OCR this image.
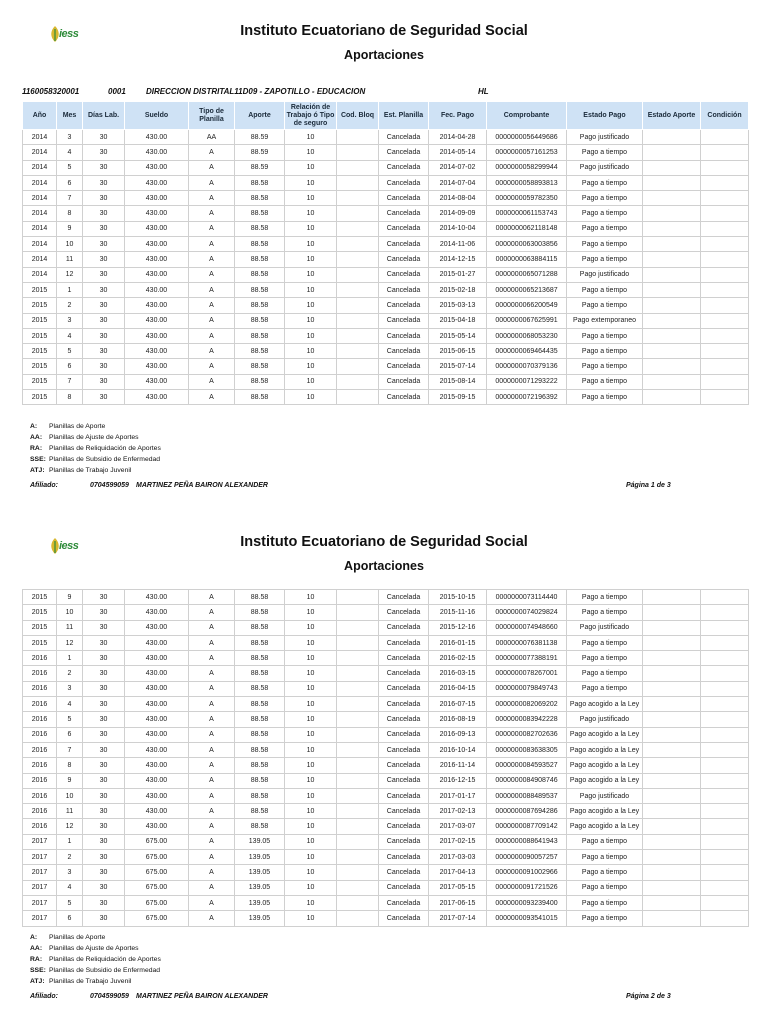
iess	Instituto Ecuatoriano de Seguridad Social
Aportaciones
1160058320001	0001	DIRECCION DISTRITAL11D09 - ZAPOTILLO - EDUCACION	HL
Año	Mes	Días Lab.	Sueldo	Tipo de Planilla	Aporte	Relación de Trabajo ó Tipo de seguro	Cod. Bloq	Est. Planilla	Fec. Pago	Comprobante	Estado Pago	Estado Aporte	Condición
2014	3	30	430.00	AA	88.59	10		Cancelada	2014-04-28	0000000056449686	Pago justificado		
2014	4	30	430.00	A	88.59	10		Cancelada	2014-05-14	0000000057161253	Pago a tiempo		
2014	5	30	430.00	A	88.59	10		Cancelada	2014-07-02	0000000058299944	Pago justificado		
2014	6	30	430.00	A	88.58	10		Cancelada	2014-07-04	0000000058893813	Pago a tiempo		
2014	7	30	430.00	A	88.58	10		Cancelada	2014-08-04	0000000059782350	Pago a tiempo		
2014	8	30	430.00	A	88.58	10		Cancelada	2014-09-09	0000000061153743	Pago a tiempo		
2014	9	30	430.00	A	88.58	10		Cancelada	2014-10-04	0000000062118148	Pago a tiempo		
2014	10	30	430.00	A	88.58	10		Cancelada	2014-11-06	0000000063003856	Pago a tiempo		
2014	11	30	430.00	A	88.58	10		Cancelada	2014-12-15	0000000063884115	Pago a tiempo		
2014	12	30	430.00	A	88.58	10		Cancelada	2015-01-27	0000000065071288	Pago justificado		
2015	1	30	430.00	A	88.58	10		Cancelada	2015-02-18	0000000065213687	Pago a tiempo		
2015	2	30	430.00	A	88.58	10		Cancelada	2015-03-13	0000000066200549	Pago a tiempo		
2015	3	30	430.00	A	88.58	10		Cancelada	2015-04-18	0000000067625991	Pago extemporaneo		
2015	4	30	430.00	A	88.58	10		Cancelada	2015-05-14	0000000068053230	Pago a tiempo		
2015	5	30	430.00	A	88.58	10		Cancelada	2015-06-15	0000000069464435	Pago a tiempo		
2015	6	30	430.00	A	88.58	10		Cancelada	2015-07-14	0000000070379136	Pago a tiempo		
2015	7	30	430.00	A	88.58	10		Cancelada	2015-08-14	0000000071293222	Pago a tiempo		
2015	8	30	430.00	A	88.58	10		Cancelada	2015-09-15	0000000072196392	Pago a tiempo		
A: Planillas de Aporte
AA: Planillas de Ajuste de Aportes
RA: Planillas de Reliquidación de Aportes
SSE: Planillas de Subsidio de Enfermedad
ATJ: Planillas de Trabajo Juvenil
Afiliado:	0704599059 MARTINEZ PEÑA BAIRON ALEXANDER	Página 1 de 3
iess	Instituto Ecuatoriano de Seguridad Social
Aportaciones
2015	9	30	430.00	A	88.58	10		Cancelada	2015-10-15	0000000073114440	Pago a tiempo		
2015	10	30	430.00	A	88.58	10		Cancelada	2015-11-16	0000000074029824	Pago a tiempo		
2015	11	30	430.00	A	88.58	10		Cancelada	2015-12-16	0000000074948660	Pago justificado		
2015	12	30	430.00	A	88.58	10		Cancelada	2016-01-15	0000000076381138	Pago a tiempo		
2016	1	30	430.00	A	88.58	10		Cancelada	2016-02-15	0000000077388191	Pago a tiempo		
2016	2	30	430.00	A	88.58	10		Cancelada	2016-03-15	0000000078267001	Pago a tiempo		
2016	3	30	430.00	A	88.58	10		Cancelada	2016-04-15	0000000079849743	Pago a tiempo		
2016	4	30	430.00	A	88.58	10		Cancelada	2016-07-15	0000000082069202	Pago acogido a la Ley		
2016	5	30	430.00	A	88.58	10		Cancelada	2016-08-19	0000000083942228	Pago justificado		
2016	6	30	430.00	A	88.58	10		Cancelada	2016-09-13	0000000082702636	Pago acogido a la Ley		
2016	7	30	430.00	A	88.58	10		Cancelada	2016-10-14	0000000083638305	Pago acogido a la Ley		
2016	8	30	430.00	A	88.58	10		Cancelada	2016-11-14	0000000084593527	Pago acogido a la Ley		
2016	9	30	430.00	A	88.58	10		Cancelada	2016-12-15	0000000084908746	Pago acogido a la Ley		
2016	10	30	430.00	A	88.58	10		Cancelada	2017-01-17	0000000088489537	Pago justificado		
2016	11	30	430.00	A	88.58	10		Cancelada	2017-02-13	0000000087694286	Pago acogido a la Ley		
2016	12	30	430.00	A	88.58	10		Cancelada	2017-03-07	0000000087709142	Pago acogido a la Ley		
2017	1	30	675.00	A	139.05	10		Cancelada	2017-02-15	0000000088641943	Pago a tiempo		
2017	2	30	675.00	A	139.05	10		Cancelada	2017-03-03	0000000090057257	Pago a tiempo		
2017	3	30	675.00	A	139.05	10		Cancelada	2017-04-13	0000000091002966	Pago a tiempo		
2017	4	30	675.00	A	139.05	10		Cancelada	2017-05-15	0000000091721526	Pago a tiempo		
2017	5	30	675.00	A	139.05	10		Cancelada	2017-06-15	0000000093239400	Pago a tiempo		
2017	6	30	675.00	A	139.05	10		Cancelada	2017-07-14	0000000093541015	Pago a tiempo		
A: Planillas de Aporte
AA: Planillas de Ajuste de Aportes
RA: Planillas de Reliquidación de Aportes
SSE: Planillas de Subsidio de Enfermedad
ATJ: Planillas de Trabajo Juvenil
Afiliado:	0704599059 MARTINEZ PEÑA BAIRON ALEXANDER	Página 2 de 3
